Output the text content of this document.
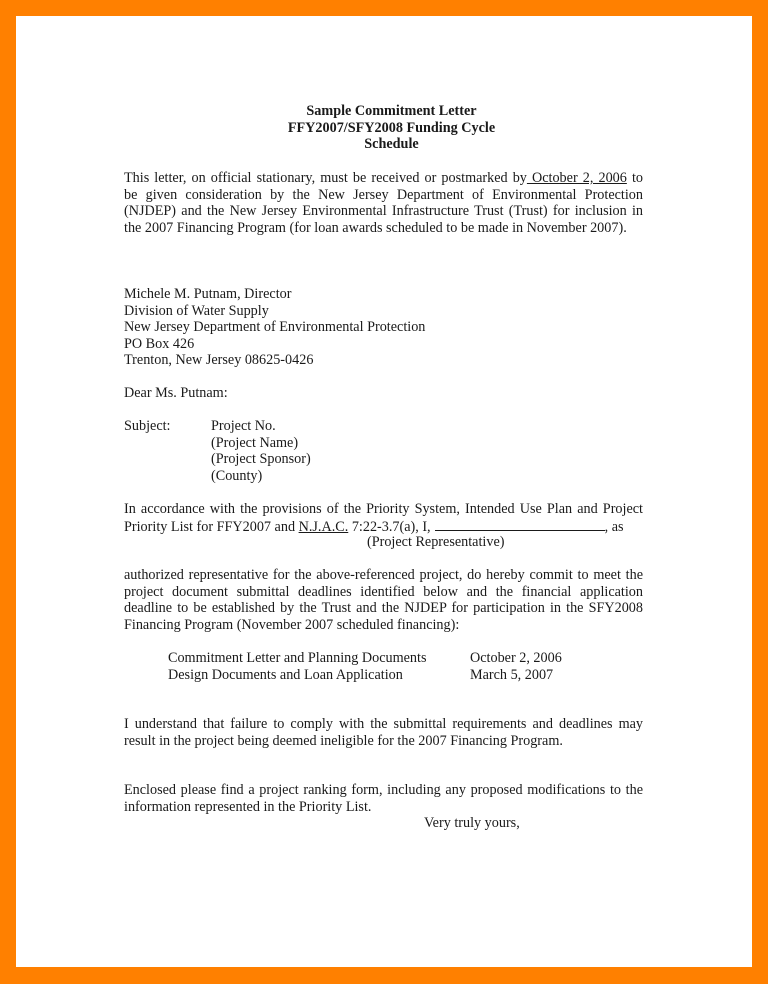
Sample Commitment Letter
FFY2007/SFY2008 Funding Cycle
Schedule
This letter, on official stationary, must be received or postmarked by October 2, 2006 to
be given consideration by the New Jersey Department of Environmental Protection
(NJDEP) and the New Jersey Environmental Infrastructure Trust (Trust) for inclusion in
the 2007 Financing Program (for loan awards scheduled to be made in November 2007).
Michele M. Putnam, Director
Division of Water Supply
New Jersey Department of Environmental Protection
PO Box 426
Trenton, New Jersey 08625-0426
Dear Ms. Putnam:
Subject:	Project No.
(Project Name)
(Project Sponsor)
(County)
In accordance with the provisions of the Priority System, Intended Use Plan and Project
Priority List for FFY2007 and N.J.A.C. 7:22-3.7(a), I,	, as
(Project Representative)
authorized representative for the above-referenced project, do hereby commit to meet the
project document submittal deadlines identified below and the financial application
deadline to be established by the Trust and the NJDEP for participation in the SFY2008
Financing Program (November 2007 scheduled financing):
Commitment Letter and Planning Documents	October 2, 2006
Design Documents and Loan Application	March 5, 2007
I understand that failure to comply with the submittal requirements and deadlines may
result in the project being deemed ineligible for the 2007 Financing Program.
Enclosed please find a project ranking form, including any proposed modifications to the
information represented in the Priority List.
Very truly yours,
